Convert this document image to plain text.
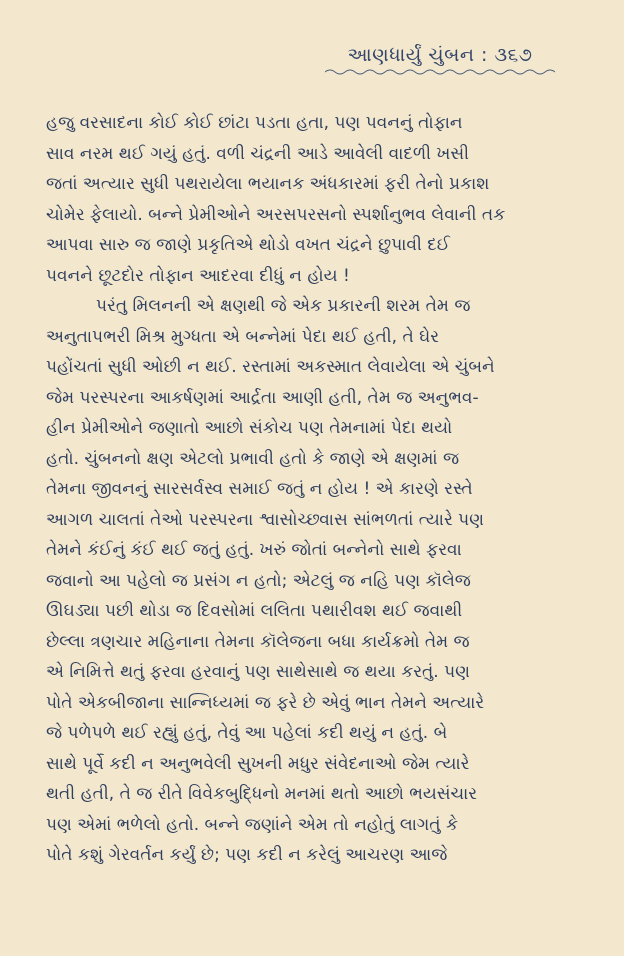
આણધાર્યું ચુંબન : ૩૬૭
હજુ વરસાદના કોઈ કોઈ છાંટા પડતા હતા, પણ પવનનું તોફાન
સાવ નરમ થઈ ગયું હતું. વળી ચંદ્રની આડે આવેલી વાદળી ખસી
જતાં અત્યાર સુધી પથરાયેલા ભયાનક અંધકારમાં ફરી તેનો પ્રકાશ
ચોમેર ફેલાયો. બન્ને પ્રેમીઓને અરસપરસનો સ્પર્શાનુભવ લેવાની તક
આપવા સારુ જ જાણે પ્રકૃતિએ થોડો વખત ચંદ્રને છુપાવી દઈ
પવનને છૂટદોર તોફાન આદરવા દીધું ન હોય !
પરંતુ મિલનની એ ક્ષણથી જે એક પ્રકારની શરમ તેમ જ
અનુતાપભરી મિશ્ર મુગ્ધતા એ બન્નેમાં પેદા થઈ હતી, તે ઘેર
પહોંચતાં સુધી ઓછી ન થઈ. રસ્તામાં અકસ્માત લેવાયેલા એ ચુંબને
જેમ પરસ્પરના આકર્ષણમાં આર્દ્રતા આણી હતી, તેમ જ અનુભવ-
હીન પ્રેમીઓને જણાતો આછો સંકોચ પણ તેમનામાં પેદા થયો
હતો. ચુંબનનો ક્ષણ એટલો પ્રભાવી હતો કે જાણે એ ક્ષણમાં જ
તેમના જીવનનું સારસર્વસ્વ સમાઈ જતું ન હોય ! એ કારણે રસ્તે
આગળ ચાલતાં તેઓ પરસ્પરના શ્વાસોચ્છ્વાસ સાંભળતાં ત્યારે પણ
તેમને કંઈનું કંઈ થઈ જતું હતું. ખરું જોતાં બન્નેનો સાથે ફરવા
જવાનો આ પહેલો જ પ્રસંગ ન હતો; એટલું જ નહિ પણ કૉલેજ
ઊઘડ્યા પછી થોડા જ દિવસોમાં લલિતા પથારીવશ થઈ જવાથી
છેલ્લા ત્રણચાર મહિનાના તેમના કૉલેજના બધા કાર્યક્રમો તેમ જ
એ નિમિત્તે થતું ફરવા હરવાનું પણ સાથેસાથે જ થયા કરતું. પણ
પોતે એકબીજાના સાન્નિધ્યમાં જ ફરે છે એવું ભાન તેમને અત્યારે
જે પળેપળે થઈ રહ્યું હતું, તેવું આ પહેલાં કદી થયું ન હતું. બે
સાથે પૂર્વે કદી ન અનુભવેલી સુખની મધુર સંવેદનાઓ જેમ ત્યારે
થતી હતી, તે જ રીતે વિવેકબુદ્ધિનો મનમાં થતો આછો ભયસંચાર
પણ એમાં ભળેલો હતો. બન્ને જણાંને એમ તો નહોતું લાગતું કે
પોતે કશું ગેરવર્તન કર્યું છે; પણ કદી ન કરેલું આચરણ આજે
